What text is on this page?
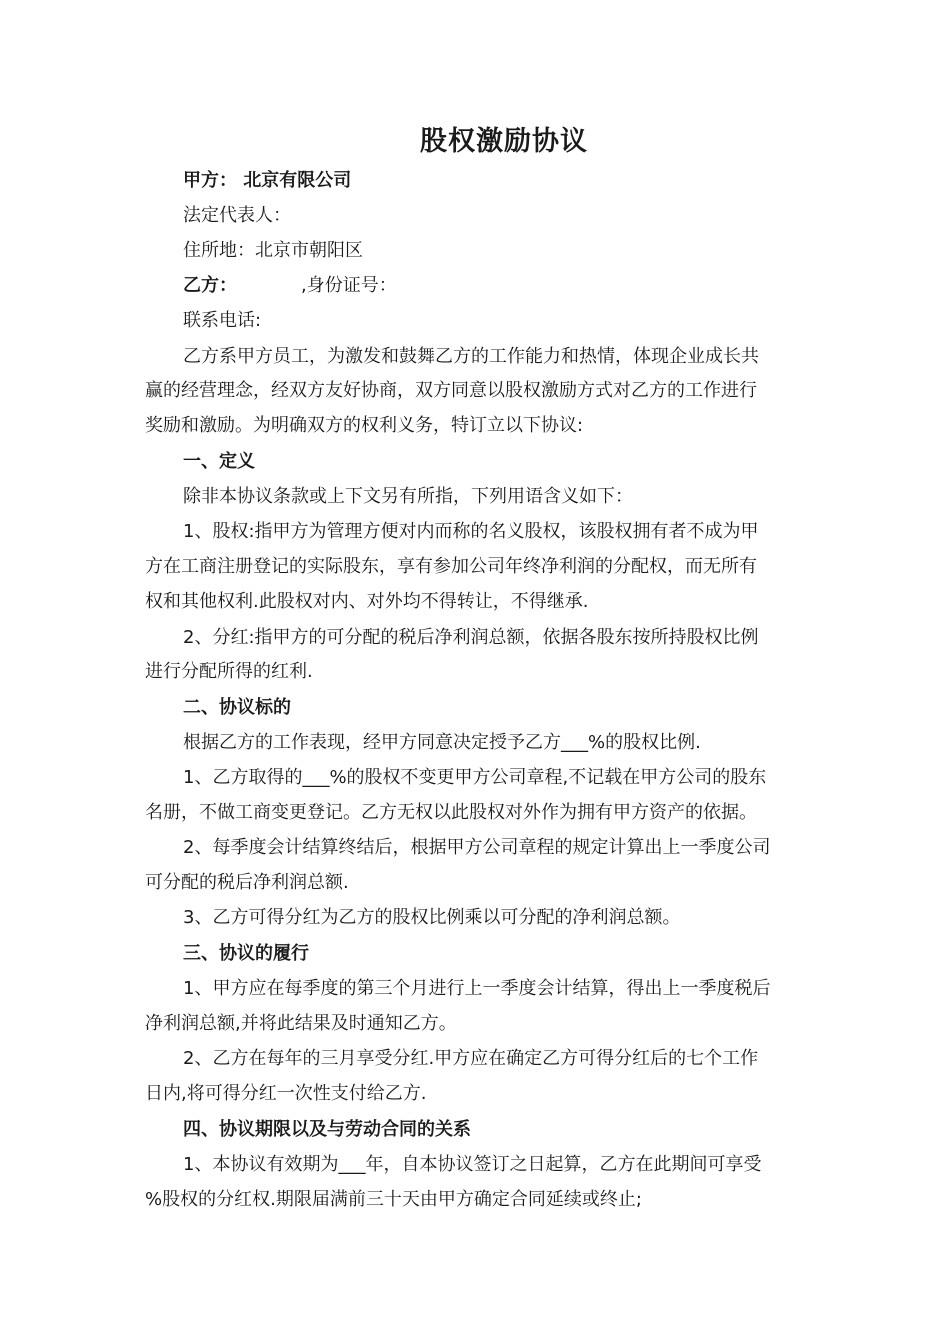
股权激励协议

甲方： 北京有限公司

法定代表人：

住所地：北京市朝阳区

乙方：	,身份证号：

联系电话:

乙方系甲方员工，为激发和鼓舞乙方的工作能力和热情，体现企业成长共

赢的经营理念，经双方友好协商，双方同意以股权激励方式对乙方的工作进行

奖励和激励。为明确双方的权利义务，特订立以下协议:

一、定义

除非本协议条款或上下文另有所指，下列用语含义如下：

1、股权:指甲方为管理方便对内而称的名义股权，该股权拥有者不成为甲

方在工商注册登记的实际股东，享有参加公司年终净利润的分配权，而无所有

权和其他权利.此股权对内、对外均不得转让，不得继承.

2、分红:指甲方的可分配的税后净利润总额，依据各股东按所持股权比例

进行分配所得的红利.

二、协议标的

根据乙方的工作表现，经甲方同意决定授予乙方___%的股权比例.

1、乙方取得的___%的股权不变更甲方公司章程,不记载在甲方公司的股东

名册，不做工商变更登记。乙方无权以此股权对外作为拥有甲方资产的依据。

2、每季度会计结算终结后，根据甲方公司章程的规定计算出上一季度公司

可分配的税后净利润总额.

3、乙方可得分红为乙方的股权比例乘以可分配的净利润总额。

三、协议的履行

1、甲方应在每季度的第三个月进行上一季度会计结算，得出上一季度税后

净利润总额,并将此结果及时通知乙方。

2、乙方在每年的三月享受分红.甲方应在确定乙方可得分红后的七个工作

日内,将可得分红一次性支付给乙方.

四、协议期限以及与劳动合同的关系

1、本协议有效期为___年，自本协议签订之日起算，乙方在此期间可享受

%股权的分红权.期限届满前三十天由甲方确定合同延续或终止;
